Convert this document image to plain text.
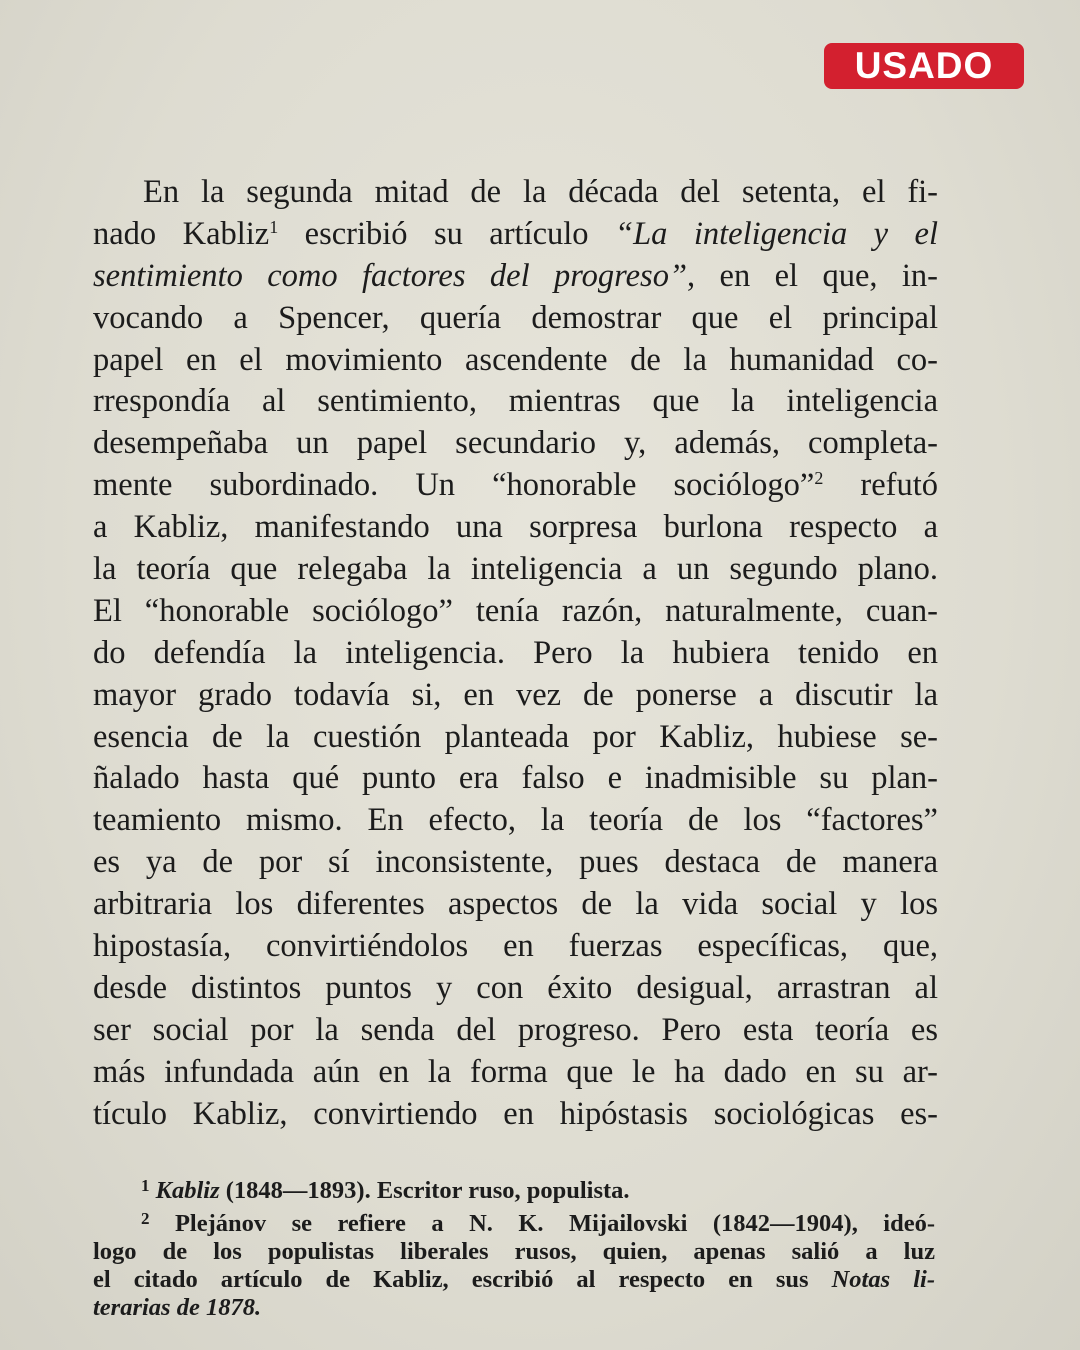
USADO
En la segunda mitad de la década del setenta, el fi-
nado Kabliz$^1$ escribió su artículo “La inteligencia y el
sentimiento como factores del progreso”, en el que, in-
vocando a Spencer, quería demostrar que el principal
papel en el movimiento ascendente de la humanidad co-
rrespondía al sentimiento, mientras que la inteligencia
desempeñaba un papel secundario y, además, completa-
mente subordinado. Un “honorable sociólogo”$^2$ refutó
a Kabliz, manifestando una sorpresa burlona respecto a
la teoría que relegaba la inteligencia a un segundo plano.
El “honorable sociólogo” tenía razón, naturalmente, cuan-
do defendía la inteligencia. Pero la hubiera tenido en
mayor grado todavía si, en vez de ponerse a discutir la
esencia de la cuestión planteada por Kabliz, hubiese se-
ñalado hasta qué punto era falso e inadmisible su plan-
teamiento mismo. En efecto, la teoría de los “factores”
es ya de por sí inconsistente, pues destaca de manera
arbitraria los diferentes aspectos de la vida social y los
hipostasía, convirtiéndolos en fuerzas específicas, que,
desde distintos puntos y con éxito desigual, arrastran al
ser social por la senda del progreso. Pero esta teoría es
más infundada aún en la forma que le ha dado en su ar-
tículo Kabliz, convirtiendo en hipóstasis sociológicas es-
$^1$ Kabliz (1848—1893). Escritor ruso, populista.
$^2$ Plejánov se refiere a N. K. Mijailovski (1842—1904), ideó-
logo de los populistas liberales rusos, quien, apenas salió a luz
el citado artículo de Kabliz, escribió al respecto en sus Notas li-
terarias de 1878.
